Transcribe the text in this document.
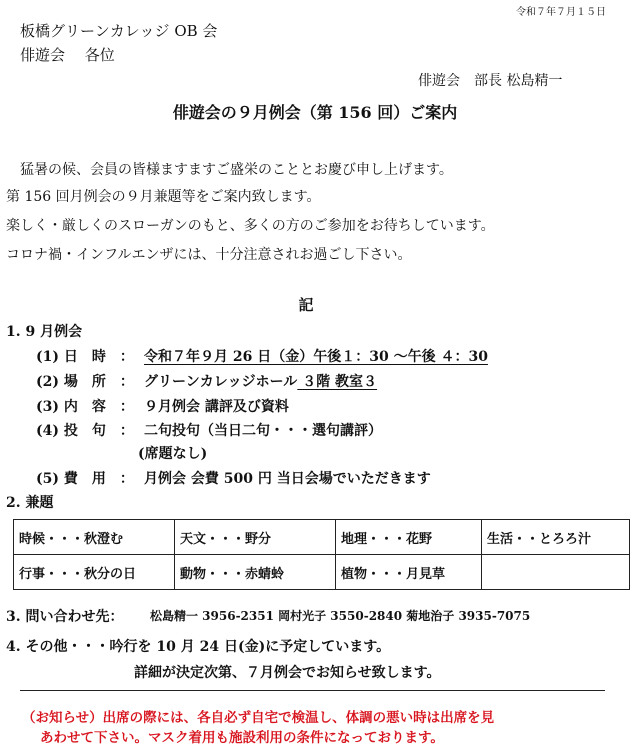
令和７年７月１５日
板橋グリーンカレッジ OB 会
俳遊会　 各位
俳遊会　部長 松島精一
俳遊会の９月例会（第 156 回）ご案内
　猛暑の候、会員の皆様ますますご盛栄のこととお慶び申し上げます。
第 156 回月例会の９月兼題等をご案内致します。
楽しく・厳しくのスローガンのもと、多くの方のご参加をお待ちしています。
コロナ禍・インフルエンザには、十分注意されお過ごし下さい。
記
1. 9 月例会
(1) 日　時　： 令和７年９月 26 日（金）午後１：30 ～午後 ４：30
(2) 場　所　： グリーンカレッジホール ３階 教室３
(3) 内　容　： ９月例会 講評及び資料
(4) 投　句　： 二句投句（当日二句・・・選句講評）
(席題なし)
(5) 費　用　： 月例会 会費 500 円 当日会場でいただきます
2. 兼題
時候・・・秋澄む	天文・・・野分	地理・・・花野	生活・・とろろ汁
行事・・・秋分の日	動物・・・赤蜻蛉	植物・・・月見草	
3. 問い合わせ先： 松島精一 3956-2351 岡村光子 3550-2840 菊地治子 3935-7075
4. その他・・・吟行を 10 月 24 日(金)に予定しています。
詳細が決定次第、７月例会でお知らせ致します。
（お知らせ）出席の際には、各自必ず自宅で検温し、体調の悪い時は出席を見
あわせて下さい。マスク着用も施設利用の条件になっております。
